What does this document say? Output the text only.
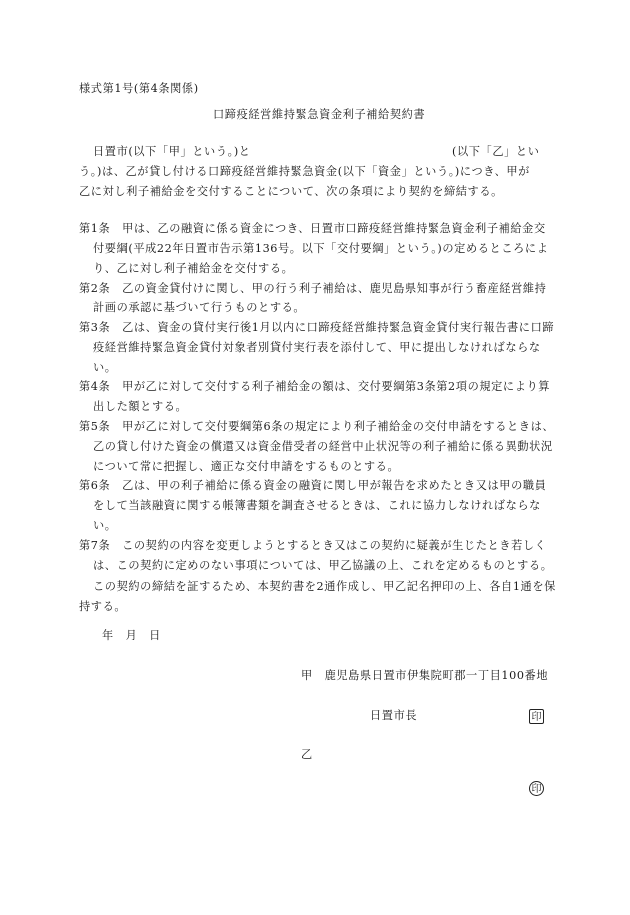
様式第1号(第4条関係)
口蹄疫経営維持緊急資金利子補給契約書
日置市(以下「甲」という。)と	(以下「乙」とい
う。)は、乙が貸し付ける口蹄疫経営維持緊急資金(以下「資金」という。)につき、甲が
乙に対し利子補給金を交付することについて、次の条項により契約を締結する。
第1条　甲は、乙の融資に係る資金につき、日置市口蹄疫経営維持緊急資金利子補給金交
付要綱(平成22年日置市告示第136号。以下「交付要綱」という。)の定めるところによ
り、乙に対し利子補給金を交付する。
第2条　乙の資金貸付けに関し、甲の行う利子補給は、鹿児島県知事が行う畜産経営維持
計画の承認に基づいて行うものとする。
第3条　乙は、資金の貸付実行後1月以内に口蹄疫経営維持緊急資金貸付実行報告書に口蹄
疫経営維持緊急資金貸付対象者別貸付実行表を添付して、甲に提出しなければならな
い。
第4条　甲が乙に対して交付する利子補給金の額は、交付要綱第3条第2項の規定により算
出した額とする。
第5条　甲が乙に対して交付要綱第6条の規定により利子補給金の交付申請をするときは、
乙の貸し付けた資金の償還又は資金借受者の経営中止状況等の利子補給に係る異動状況
について常に把握し、適正な交付申請をするものとする。
第6条　乙は、甲の利子補給に係る資金の融資に関し甲が報告を求めたとき又は甲の職員
をして当該融資に関する帳簿書類を調査させるときは、これに協力しなければならな
い。
第7条　この契約の内容を変更しようとするとき又はこの契約に疑義が生じたとき若しく
は、この契約に定めのない事項については、甲乙協議の上、これを定めるものとする。
この契約の締結を証するため、本契約書を2通作成し、甲乙記名押印の上、各自1通を保
持する。
年　月　日
甲　鹿児島県日置市伊集院町郡一丁目100番地
日置市長	印
乙
印
